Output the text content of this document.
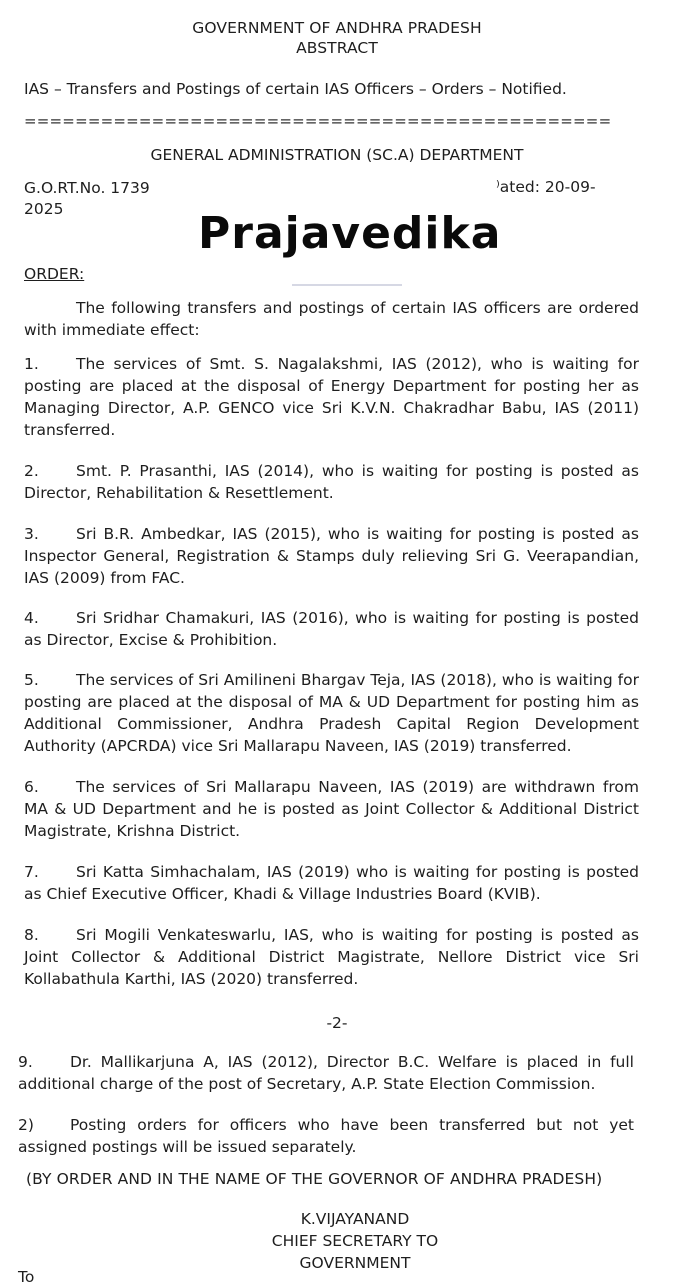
GOVERNMENT OF ANDHRA PRADESH
ABSTRACT
IAS – Transfers and Postings of certain IAS Officers – Orders – Notified.
==============================================
GENERAL ADMINISTRATION (SC.A) DEPARTMENT
G.O.RT.No. 1739
2025
⁾ated: 20-09-
Prajavedika
ORDER:
The following transfers and postings of certain IAS officers are ordered with immediate effect:
1. The services of Smt. S. Nagalakshmi, IAS (2012), who is waiting for posting are placed at the disposal of Energy Department for posting her as Managing Director, A.P. GENCO vice Sri K.V.N. Chakradhar Babu, IAS (2011) transferred.
2. Smt. P. Prasanthi, IAS (2014), who is waiting for posting is posted as Director, Rehabilitation & Resettlement.
3. Sri B.R. Ambedkar, IAS (2015), who is waiting for posting is posted as Inspector General, Registration & Stamps duly relieving Sri G. Veerapandian, IAS (2009) from FAC.
4. Sri Sridhar Chamakuri, IAS (2016), who is waiting for posting is posted as Director, Excise & Prohibition.
5. The services of Sri Amilineni Bhargav Teja, IAS (2018), who is waiting for posting are placed at the disposal of MA & UD Department for posting him as Additional Commissioner, Andhra Pradesh Capital Region Development Authority (APCRDA) vice Sri Mallarapu Naveen, IAS (2019) transferred.
6. The services of Sri Mallarapu Naveen, IAS (2019) are withdrawn from MA & UD Department and he is posted as Joint Collector & Additional District Magistrate, Krishna District.
7. Sri Katta Simhachalam, IAS (2019) who is waiting for posting is posted as Chief Executive Officer, Khadi & Village Industries Board (KVIB).
8. Sri Mogili Venkateswarlu, IAS, who is waiting for posting is posted as Joint Collector & Additional District Magistrate, Nellore District vice Sri Kollabathula Karthi, IAS (2020) transferred.
-2-
9. Dr. Mallikarjuna A, IAS (2012), Director B.C. Welfare is placed in full additional charge of the post of Secretary, A.P. State Election Commission.
2) Posting orders for officers who have been transferred but not yet assigned postings will be issued separately.
(BY ORDER AND IN THE NAME OF THE GOVERNOR OF ANDHRA PRADESH)
K.VIJAYANAND
CHIEF SECRETARY TO GOVERNMENT
To
